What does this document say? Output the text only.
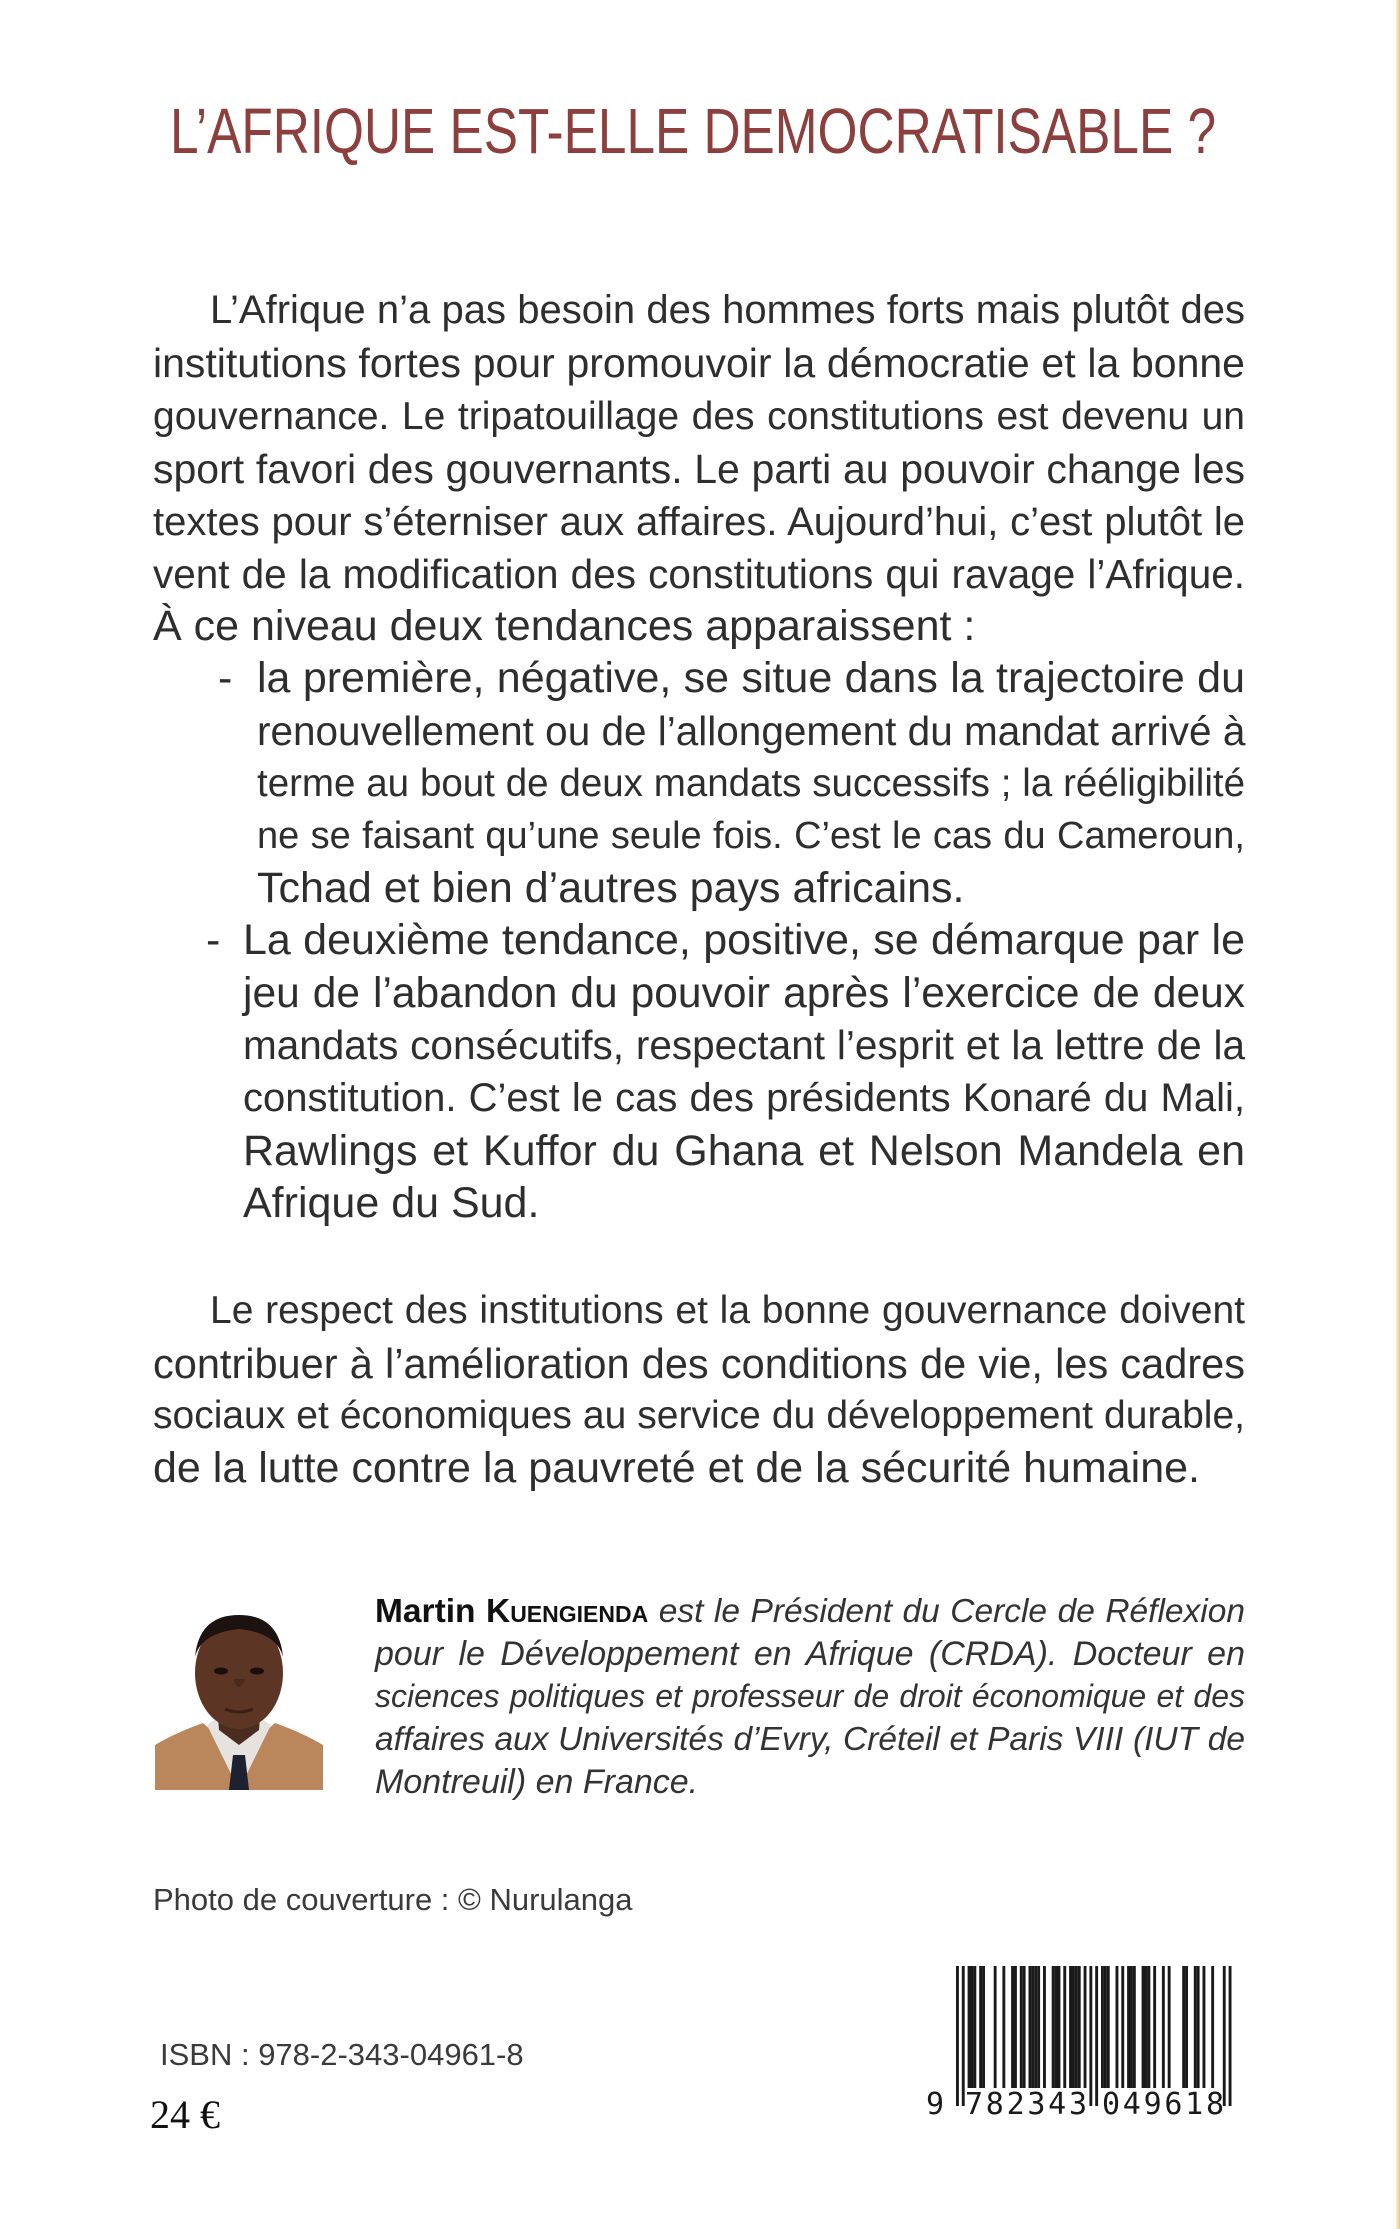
L’AFRIQUE EST-ELLE DEMOCRATISABLE ?
L’Afrique n’a pas besoin des hommes forts mais plutôt des
institutions fortes pour promouvoir la démocratie et la bonne
gouvernance. Le tripatouillage des constitutions est devenu un
sport favori des gouvernants. Le parti au pouvoir change les
textes pour s’éterniser aux affaires. Aujourd’hui, c’est plutôt le
vent de la modification des constitutions qui ravage l’Afrique.
À ce niveau deux tendances apparaissent :
- la première, négative, se situe dans la trajectoire du
renouvellement ou de l’allongement du mandat arrivé à
terme au bout de deux mandats successifs ; la rééligibilité
ne se faisant qu’une seule fois. C’est le cas du Cameroun,
Tchad et bien d’autres pays africains.
- La deuxième tendance, positive, se démarque par le
jeu de l’abandon du pouvoir après l’exercice de deux
mandats consécutifs, respectant l’esprit et la lettre de la
constitution. C’est le cas des présidents Konaré du Mali,
Rawlings et Kuffor du Ghana et Nelson Mandela en
Afrique du Sud.
Le respect des institutions et la bonne gouvernance doivent
contribuer à l’amélioration des conditions de vie, les cadres
sociaux et économiques au service du développement durable,
de la lutte contre la pauvreté et de la sécurité humaine.
Martin Kuengienda est le Président du Cercle de Réflexion
pour le Développement en Afrique (CRDA). Docteur en
sciences politiques et professeur de droit économique et des
affaires aux Universités d’Evry, Créteil et Paris VIII (IUT de
Montreuil) en France.
Photo de couverture : © Nurulanga
ISBN : 978-2-343-04961-8
24 €	9 782343 049618
